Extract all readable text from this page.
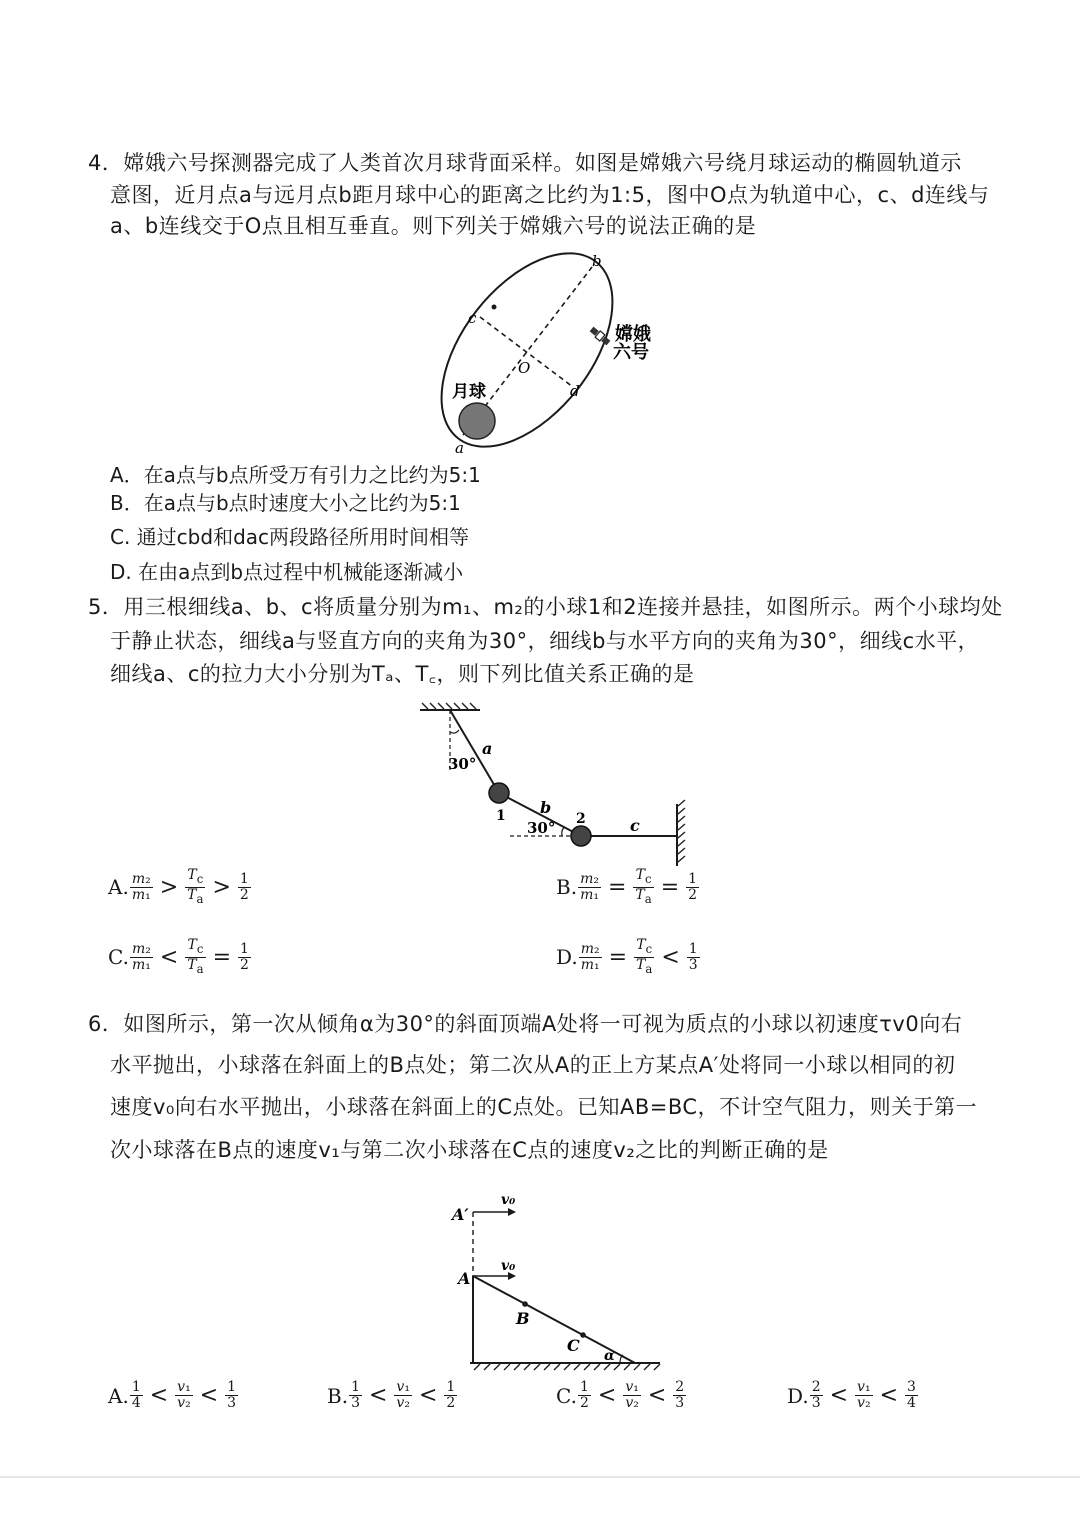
4．嫦娥六号探测器完成了人类首次月球背面采样。如图是嫦娥六号绕月球运动的椭圆轨道示
意图，近月点a与远月点b距月球中心的距离之比约为1:5，图中O点为轨道中心，c、d连线与
a、b连线交于O点且相互垂直。则下列关于嫦娥六号的说法正确的是
b
c
O
d
a
月球
嫦娥
六号
A．在a点与b点所受万有引力之比约为5:1
B．在a点与b点时速度大小之比约为5:1
C. 通过cbd和dac两段路径所用时间相等
D. 在由a点到b点过程中机械能逐渐减小
5．用三根细线a、b、c将质量分别为m₁、m₂的小球1和2连接并悬挂，如图所示。两个小球均处
于静止状态，细线a与竖直方向的夹角为30°，细线b与水平方向的夹角为30°，细线c水平，
细线a、c的拉力大小分别为Tₐ、T꜀，则下列比值关系正确的是
30°
a
1 b
2
30°	c
A. $\frac{\text{m₂}}{\text{m₁}} > \frac{T_c}{T_a} > \frac{1}{2}$	B. $\frac{\text{m₂}}{\text{m₁}} = \frac{T_c}{T_a} = \frac{1}{2}$
C. $\frac{\text{m₂}}{\text{m₁}} < \frac{T_c}{T_a} = \frac{1}{2}$	D. $\frac{\text{m₂}}{\text{m₁}} = \frac{T_c}{T_a} < \frac{1}{3}$
6．如图所示，第一次从倾角α为30°的斜面顶端A处将一可视为质点的小球以初速度τv0向右
水平抛出，小球落在斜面上的B点处；第二次从A的正上方某点A′处将同一小球以相同的初
速度v₀向右水平抛出，小球落在斜面上的C点处。已知AB=BC，不计空气阻力，则关于第一
次小球落在B点的速度v₁与第二次小球落在C点的速度v₂之比的判断正确的是
A′
v₀
A
v₀
B
C
α
A. $\frac{1}{4} < \frac{\text{v₁}}{\text{v₂}} < \frac{1}{3}$	B. $\frac{1}{3} < \frac{\text{v₁}}{\text{v₂}} < \frac{1}{2}$	C. $\frac{1}{2} < \frac{\text{v₁}}{\text{v₂}} < \frac{2}{3}$	D. $\frac{2}{3} < \frac{\text{v₁}}{\text{v₂}} < \frac{3}{4}$
